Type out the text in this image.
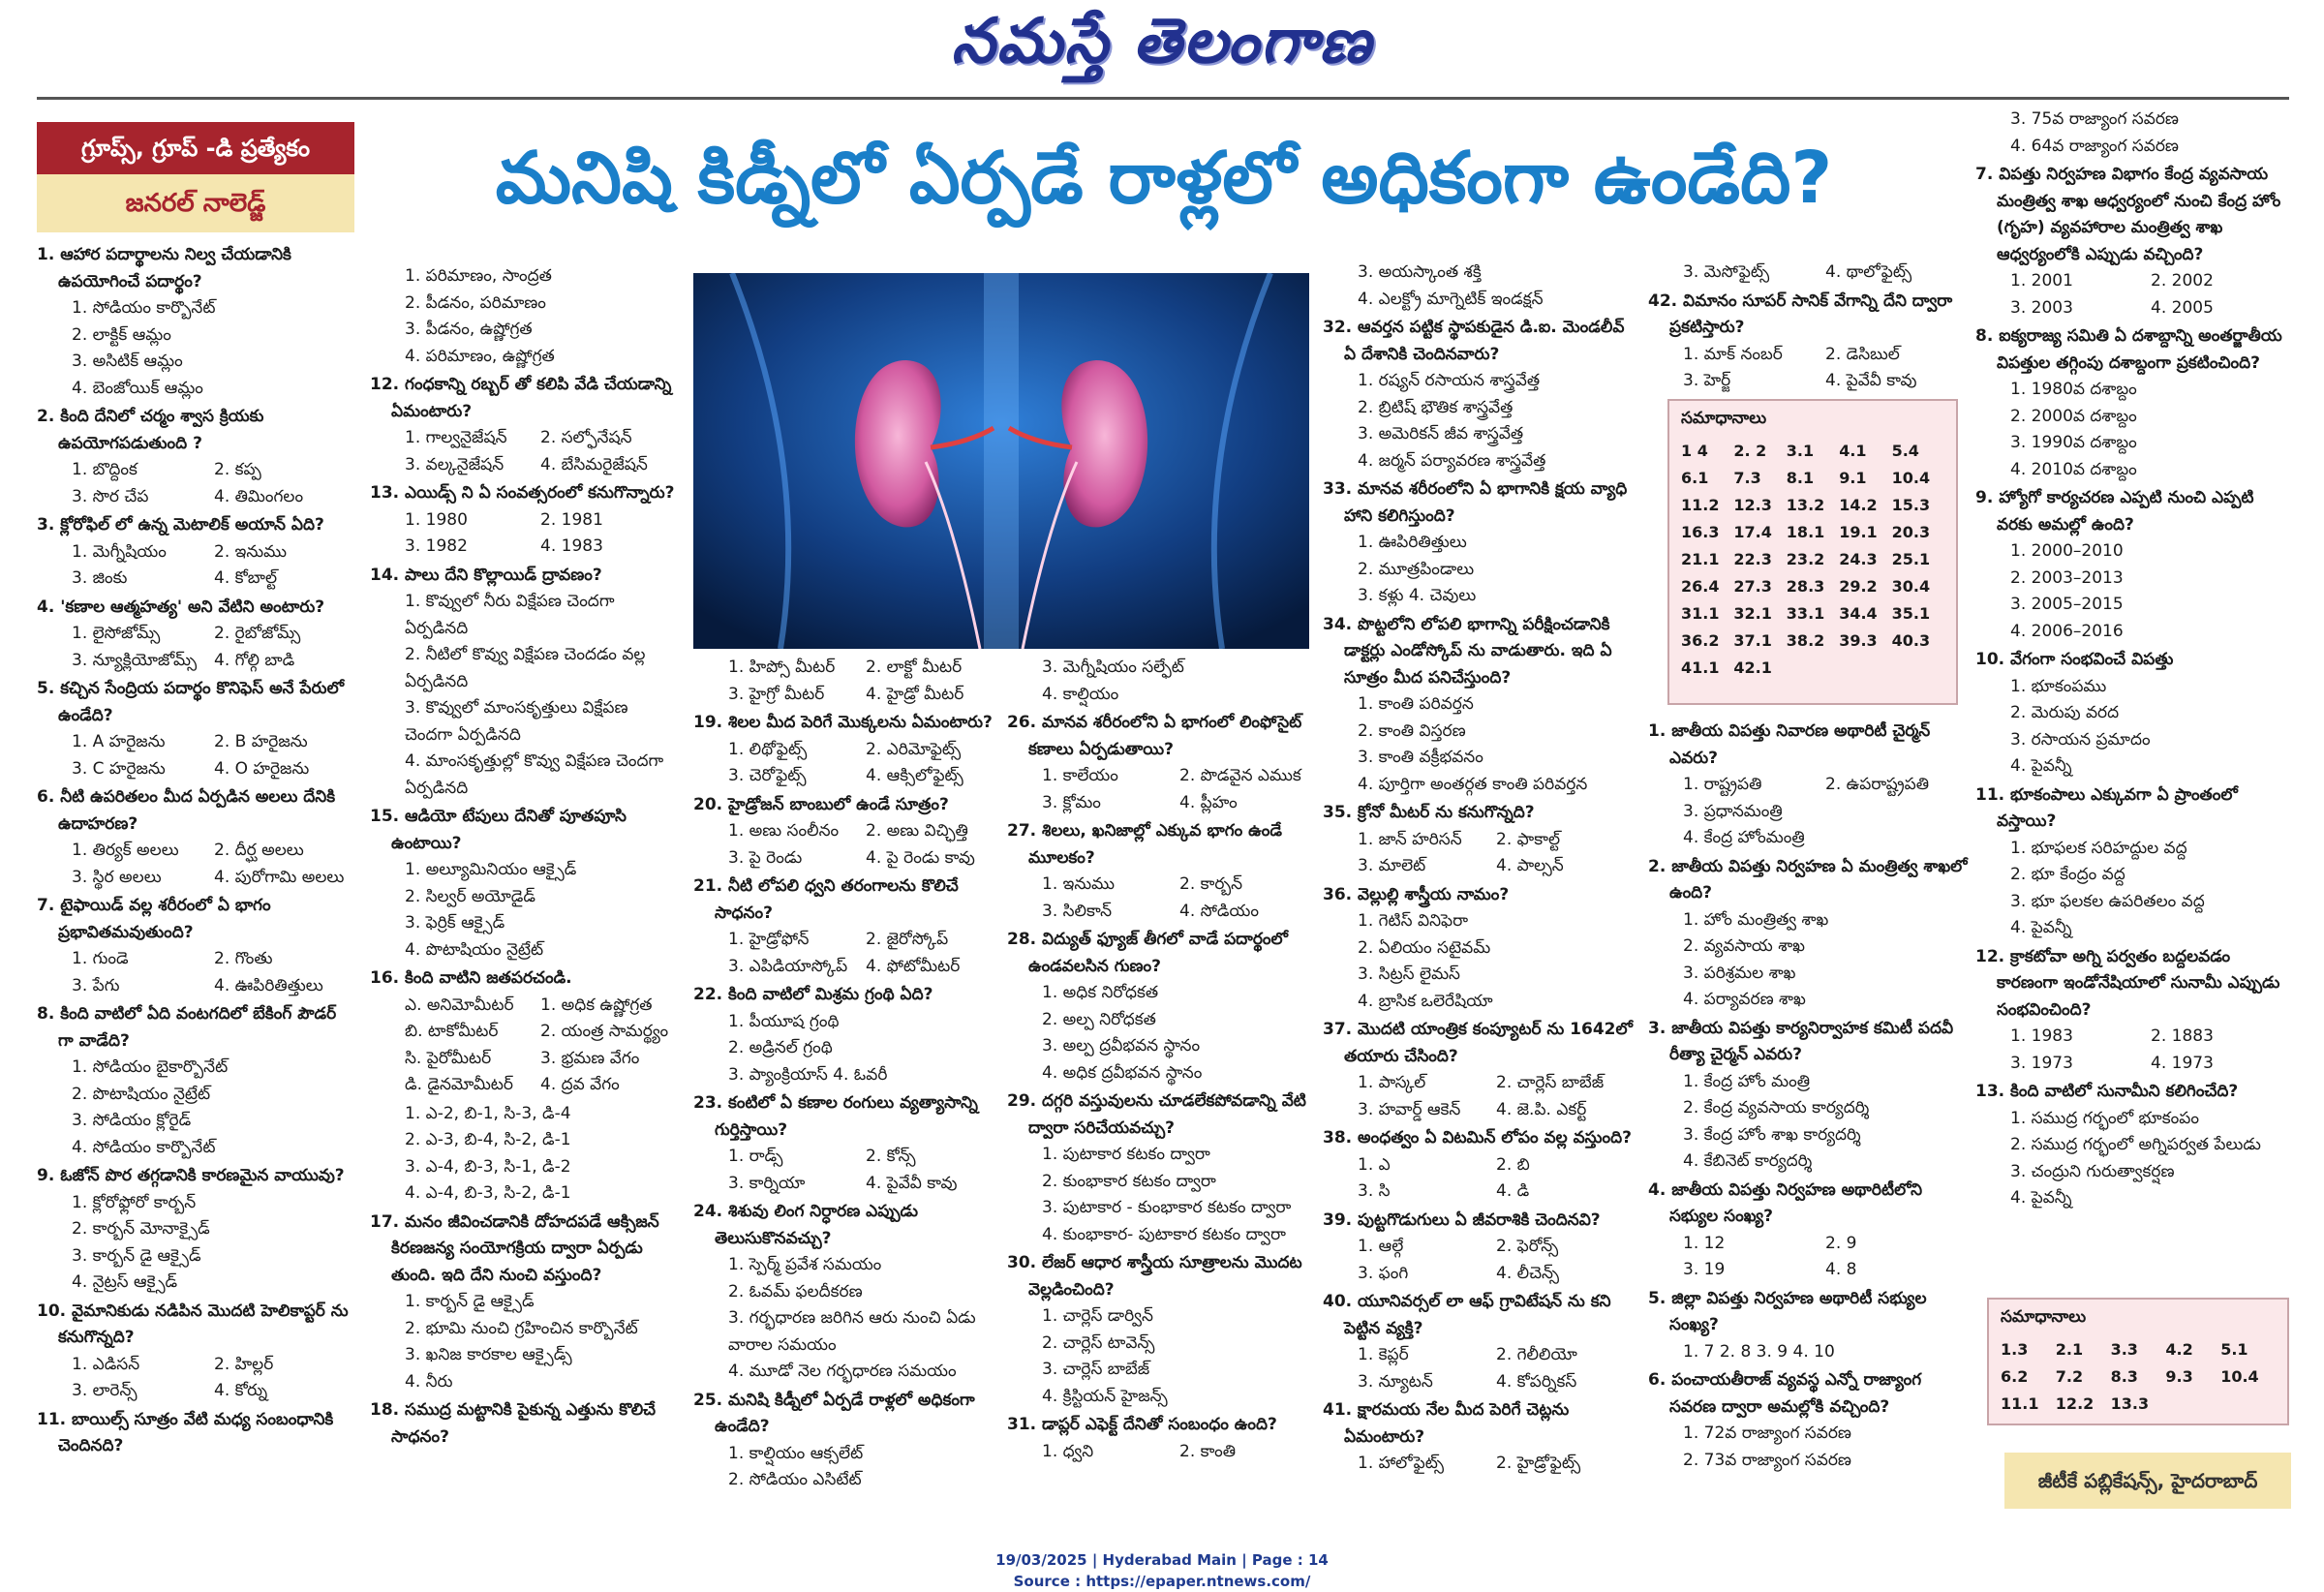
నమస్తే తెలంగాణ
గ్రూప్స్, గ్రూప్ -డి ప్రత్యేకం
జనరల్ నాలెడ్జ్	మనిషి కిడ్నీలో ఏర్పడే రాళ్లలో అధికంగా ఉండేది?
1. ఆహార పదార్థాలను నిల్వ చేయడానికి ఉపయోగించే పదార్థం?
1. సోడియం కార్బొనేట్
2. లాక్టిక్ ఆమ్లం
3. అసిటిక్ ఆమ్లం
4. బెంజోయిక్ ఆమ్లం
2. కింది దేనిలో చర్మం శ్వాస క్రియకు ఉపయోగపడుతుంది ?
1. బొద్దింక	2. కప్ప
3. సొర చేప	4. తిమింగలం
3. క్లోరోఫిల్ లో ఉన్న మెటాలిక్ అయాన్ ఏది?
1. మెగ్నీషియం	2. ఇనుము
3. జింకు	4. కోబాల్ట్
4. 'కణాల ఆత్మహత్య' అని వేటిని అంటారు?
1. లైసోజోమ్స్	2. రైబోజోమ్స్
3. న్యూక్లియోజోమ్స్	4. గోల్గి బాడి
5. కచ్చిన సేంద్రియ పదార్థం కొనిఫెస్ అనే పేరులో ఉండేది?
1. A హరైజను	2. B హరైజను
3. C హరైజను	4. O హరైజను
6. నీటి ఉపరితలం మీద ఏర్పడిన అలలు దేనికి ఉదాహరణ?
1. తిర్యక్ అలలు	2. దీర్ఘ అలలు
3. స్థిర అలలు	4. పురోగామి అలలు
7. టైఫాయిడ్ వల్ల శరీరంలో ఏ భాగం ప్రభావితమవుతుంది?
1. గుండె	2. గొంతు
3. పేగు	4. ఊపిరితిత్తులు
8. కింది వాటిలో ఏది వంటగదిలో బేకింగ్ పౌడర్ గా వాడేది?
1. సోడియం బైకార్బొనేట్
2. పొటాషియం నైట్రేట్
3. సోడియం క్లోరైడ్
4. సోడియం కార్బొనేట్
9. ఓజోన్ పొర తగ్గడానికి కారణమైన వాయువు?
1. క్లోరోఫ్లోరో కార్బన్
2. కార్బన్ మోనాక్సైడ్
3. కార్బన్ డై ఆక్సైడ్
4. నైట్రస్ ఆక్సైడ్
10. వైమానికుడు నడిపిన మొదటి హెలికాప్టర్ ను కనుగొన్నది?
1. ఎడిసన్	2. హిల్లర్
3. లారెన్స్	4. కోర్ను
11. బాయిల్స్ సూత్రం వేటి మధ్య సంబంధానికి చెందినది?
1. పరిమాణం, సాంద్రత
2. పీడనం, పరిమాణం
3. పీడనం, ఉష్ణోగ్రత
4. పరిమాణం, ఉష్ణోగ్రత
12. గంధకాన్ని రబ్బర్ తో కలిపి వేడి చేయడాన్ని ఏమంటారు?
1. గాల్వనైజేషన్	2. సల్ఫోనేషన్
3. వల్కనైజేషన్	4. బేసిమరైజేషన్
13. ఎయిడ్స్ ని ఏ సంవత్సరంలో కనుగొన్నారు?
1. 1980	2. 1981
3. 1982	4. 1983
14. పాలు దేని కొల్లాయిడ్ ద్రావణం?
1. కొవ్వులో నీరు విక్షేపణ చెందగా ఏర్పడినది
2. నీటిలో కొవ్వు విక్షేపణ చెందడం వల్ల ఏర్పడినది
3. కొవ్వులో మాంసకృత్తులు విక్షేపణ చెందగా ఏర్పడినది
4. మాంసకృత్తుల్లో కొవ్వు విక్షేపణ చెందగా ఏర్పడినది
15. ఆడియో టేపులు దేనితో పూతపూసి ఉంటాయి?
1. అల్యూమినియం ఆక్సైడ్
2. సిల్వర్ అయోడైడ్
3. ఫెర్రిక్ ఆక్సైడ్
4. పొటాషియం నైట్రేట్
16. కింది వాటిని జతపరచండి.
ఎ. అనిమోమీటర్	1. అధిక ఉష్ణోగ్రత
బి. టాకోమీటర్	2. యంత్ర సామర్థ్యం
సి. పైరోమీటర్	3. భ్రమణ వేగం
డి. డైనమోమీటర్	4. ద్రవ వేగం
1. ఎ-2, బి-1, సి-3, డి-4
2. ఎ-3, బి-4, సి-2, డి-1
3. ఎ-4, బి-3, సి-1, డి-2
4. ఎ-4, బి-3, సి-2, డి-1
17. మనం జీవించడానికి దోహదపడే ఆక్సిజన్ కిరణజన్య సంయోగక్రియ ద్వారా ఏర్పడు తుంది. ఇది దేని నుంచి వస్తుంది?
1. కార్బన్ డై ఆక్సైడ్
2. భూమి నుంచి గ్రహించిన కార్బొనేట్
3. ఖనిజ కారకాల ఆక్సైడ్స్
4. నీరు
18. సముద్ర మట్టానికి పైకున్న ఎత్తును కొలిచే సాధనం?
1. హిప్సో మీటర్	2. లాక్టో మీటర్
3. హైగ్రో మీటర్	4. హైడ్రో మీటర్
19. శిలల మీద పెరిగే మొక్కలను ఏమంటారు?
1. లిథోఫైట్స్	2. ఎరిమోఫైట్స్
3. చెరోఫైట్స్	4. ఆక్సిలోఫైట్స్
20. హైడ్రోజన్ బాంబులో ఉండే సూత్రం?
1. అణు సంలీనం	2. అణు విచ్ఛిత్తి
3. పై రెండు	4. పై రెండు కావు
21. నీటి లోపలి ధ్వని తరంగాలను కొలిచే సాధనం?
1. హైడ్రోఫోన్	2. జైరోస్కోప్
3. ఎపిడియాస్కోప్	4. ఫోటోమీటర్
22. కింది వాటిలో మిశ్రమ గ్రంథి ఏది?
1. పీయూష గ్రంథి
2. అడ్రినల్ గ్రంథి
3. ప్యాంక్రియాస్ 4. ఓవరీ
23. కంటిలో ఏ కణాల రంగులు వ్యత్యాసాన్ని గుర్తిస్తాయి?
1. రాడ్స్	2. కోన్స్
3. కార్నియా	4. పైవేవీ కావు
24. శిశువు లింగ నిర్ధారణ ఎప్పుడు తెలుసుకొనవచ్చు?
1. స్పెర్మ్ ప్రవేశ సమయం
2. ఓవమ్ ఫలదీకరణ
3. గర్భధారణ జరిగిన ఆరు నుంచి ఏడు వారాల సమయం
4. మూడో నెల గర్భధారణ సమయం
25. మనిషి కిడ్నీలో ఏర్పడే రాళ్లలో అధికంగా ఉండేది?
1. కాల్షియం ఆక్సలేట్
2. సోడియం ఎసిటేట్
3. మెగ్నీషియం సల్ఫేట్
4. కాల్షియం
26. మానవ శరీరంలోని ఏ భాగంలో లింఫోసైట్ కణాలు ఏర్పడుతాయి?
1. కాలేయం	2. పొడవైన ఎముక
3. క్లోమం	4. ప్లీహం
27. శిలలు, ఖనిజాల్లో ఎక్కువ భాగం ఉండే మూలకం?
1. ఇనుము	2. కార్బన్
3. సిలికాన్	4. సోడియం
28. విద్యుత్ ఫ్యూజ్ తీగలో వాడే పదార్థంలో ఉండవలసిన గుణం?
1. అధిక నిరోధకత
2. అల్ప నిరోధకత
3. అల్ప ద్రవీభవన స్థానం
4. అధిక ద్రవీభవన స్థానం
29. దగ్గరి వస్తువులను చూడలేకపోవడాన్ని వేటి ద్వారా సరిచేయవచ్చు?
1. పుటాకార కటకం ద్వారా
2. కుంభాకార కటకం ద్వారా
3. పుటాకార - కుంభాకార కటకం ద్వారా
4. కుంభాకార- పుటాకార కటకం ద్వారా
30. లేజర్ ఆధార శాస్త్రీయ సూత్రాలను మొదట వెల్లడించింది?
1. చార్లెస్ డార్విన్
2. చార్లెస్ టావెన్స్
3. చార్లెస్ బాబేజ్
4. క్రిస్టియన్ హైజన్స్
31. డాప్లర్ ఎఫెక్ట్ దేనితో సంబంధం ఉంది?
1. ధ్వని	2. కాంతి
3. అయస్కాంత శక్తి
4. ఎలక్ట్రో మాగ్నెటిక్ ఇండక్షన్
32. ఆవర్తన పట్టిక స్థాపకుడైన డి.ఐ. మెండలీవ్ ఏ దేశానికి చెందినవారు?
1. రష్యన్ రసాయన శాస్త్రవేత్త
2. బ్రిటిష్ భౌతిక శాస్త్రవేత్త
3. అమెరికన్ జీవ శాస్త్రవేత్త
4. జర్మన్ పర్యావరణ శాస్త్రవేత్త
33. మానవ శరీరంలోని ఏ భాగానికి క్షయ వ్యాధి హాని కలిగిస్తుంది?
1. ఊపిరితిత్తులు
2. మూత్రపిండాలు
3. కళ్లు 4. చెవులు
34. పొట్టలోని లోపలి భాగాన్ని పరీక్షించడానికి డాక్టర్లు ఎండోస్కోప్ ను వాడుతారు. ఇది ఏ సూత్రం మీద పనిచేస్తుంది?
1. కాంతి పరివర్తన
2. కాంతి విస్తరణ
3. కాంతి వక్రీభవనం
4. పూర్తిగా అంతర్గత కాంతి పరివర్తన
35. క్రోనో మీటర్ ను కనుగొన్నది?
1. జాన్ హరిసన్	2. ఫాకాల్ట్
3. మాలెట్	4. పాల్సన్
36. వెల్లుల్లి శాస్త్రీయ నామం?
1. గెటిస్ వినిఫెరా
2. ఏలియం సటైవమ్
3. సిట్రస్ లైమస్
4. బ్రాసిక ఒలెరేషియా
37. మొదటి యాంత్రిక కంప్యూటర్ ను 1642లో తయారు చేసింది?
1. పాస్కల్	2. చార్లెస్ బాబేజ్
3. హవార్డ్ ఆకెన్	4. జె.పి. ఎకర్ట్
38. అంధత్వం ఏ విటమిన్ లోపం వల్ల వస్తుంది?
1. ఎ	2. బి
3. సి	4. డి
39. పుట్టగొడుగులు ఏ జీవరాశికి చెందినవి?
1. ఆల్గే	2. ఫెరోన్స్
3. ఫంగి	4. లీచెన్స్
40. యూనివర్సల్ లా ఆఫ్ గ్రావిటేషన్ ను కని పెట్టిన వ్యక్తి?
1. కెప్లర్	2. గెలీలియో
3. న్యూటన్	4. కోపర్నికస్
41. క్షారమయ నేల మీద పెరిగే చెట్లను ఏమంటారు?
1. హాలోఫైట్స్	2. హైడ్రోఫైట్స్
3. మెసోఫైట్స్	4. థాలోఫైట్స్
42. విమానం సూపర్ సానిక్ వేగాన్ని దేని ద్వారా ప్రకటిస్తారు?
1. మాక్ నంబర్	2. డెసిబుల్
3. హెర్జ్	4. పైవేవీ కావు
సమాధానాలు
1 4	2. 2	3.1	4.1	5.4
6.1	7.3	8.1	9.1	10.4
11.2 12.3 13.2 14.2 15.3
16.3 17.4 18.1 19.1 20.3
21.1 22.3 23.2 24.3 25.1
26.4 27.3 28.3 29.2 30.4
31.1 32.1 33.1 34.4 35.1
36.2 37.1 38.2 39.3 40.3
41.1 42.1
1. జాతీయ విపత్తు నివారణ అథారిటీ చైర్మన్ ఎవరు?
1. రాష్ట్రపతి	2. ఉపరాష్ట్రపతి
3. ప్రధానమంత్రి
4. కేంద్ర హోంమంత్రి
2. జాతీయ విపత్తు నిర్వహణ ఏ మంత్రిత్వ శాఖలో ఉంది?
1. హోం మంత్రిత్వ శాఖ
2. వ్యవసాయ శాఖ
3. పరిశ్రమల శాఖ
4. పర్యావరణ శాఖ
3. జాతీయ విపత్తు కార్యనిర్వాహక కమిటీ పదవీ రీత్యా చైర్మన్ ఎవరు?
1. కేంద్ర హోం మంత్రి
2. కేంద్ర వ్యవసాయ కార్యదర్శి
3. కేంద్ర హోం శాఖ కార్యదర్శి
4. కేబినెట్ కార్యదర్శి
4. జాతీయ విపత్తు నిర్వహణ అథారిటీలోని సభ్యుల సంఖ్య?
1. 12	2. 9
3. 19	4. 8
5. జిల్లా విపత్తు నిర్వహణ అథారిటీ సభ్యుల సంఖ్య?
1. 7 2. 8 3. 9 4. 10
6. పంచాయతీరాజ్ వ్యవస్థ ఎన్నో రాజ్యాంగ సవరణ ద్వారా అమల్లోకి వచ్చింది?
1. 72వ రాజ్యాంగ సవరణ
2. 73వ రాజ్యాంగ సవరణ
3. 75వ రాజ్యాంగ సవరణ
4. 64వ రాజ్యాంగ సవరణ
7. విపత్తు నిర్వహణ విభాగం కేంద్ర వ్యవసాయ మంత్రిత్వ శాఖ ఆధ్వర్యంలో నుంచి కేంద్ర హోం (గృహ) వ్యవహారాల మంత్రిత్వ శాఖ ఆధ్వర్యంలోకి ఎప్పుడు వచ్చింది?
1. 2001	2. 2002
3. 2003	4. 2005
8. ఐక్యరాజ్య సమితి ఏ దశాబ్దాన్ని అంతర్జాతీయ విపత్తుల తగ్గింపు దశాబ్దంగా ప్రకటించింది?
1. 1980వ దశాబ్దం
2. 2000వ దశాబ్దం
3. 1990వ దశాబ్దం
4. 2010వ దశాబ్దం
9. హ్యోగో కార్యచరణ ఎప్పటి నుంచి ఎప్పటి వరకు అమల్లో ఉంది?
1. 2000–2010
2. 2003–2013
3. 2005–2015
4. 2006–2016
10. వేగంగా సంభవించే విపత్తు
1. భూకంపము
2. మెరుపు వరద
3. రసాయన ప్రమాదం
4. పైవన్నీ
11. భూకంపాలు ఎక్కువగా ఏ ప్రాంతంలో వస్తాయి?
1. భూఫలక సరిహద్దుల వద్ద
2. భూ కేంద్రం వద్ద
3. భూ ఫలకల ఉపరితలం వద్ద
4. పైవన్నీ
12. క్రాకటోవా అగ్ని పర్వతం బద్దలవడం కారణంగా ఇండోనేషియాలో సునామీ ఎప్పుడు సంభవించింది?
1. 1983	2. 1883
3. 1973	4. 1973
13. కింది వాటిలో సునామీని కలిగించేది?
1. సముద్ర గర్భంలో భూకంపం
2. సముద్ర గర్భంలో అగ్నిపర్వత పేలుడు
3. చంద్రుని గురుత్వాకర్షణ
4. పైవన్నీ
సమాధానాలు
1.3	2.1	3.3	4.2	5.1
6.2	7.2	8.3	9.3	10.4
11.1	12.2	13.3
జీటీకే పబ్లికేషన్స్, హైదరాబాద్
19/03/2025 | Hyderabad Main | Page : 14
Source : https://epaper.ntnews.com/
